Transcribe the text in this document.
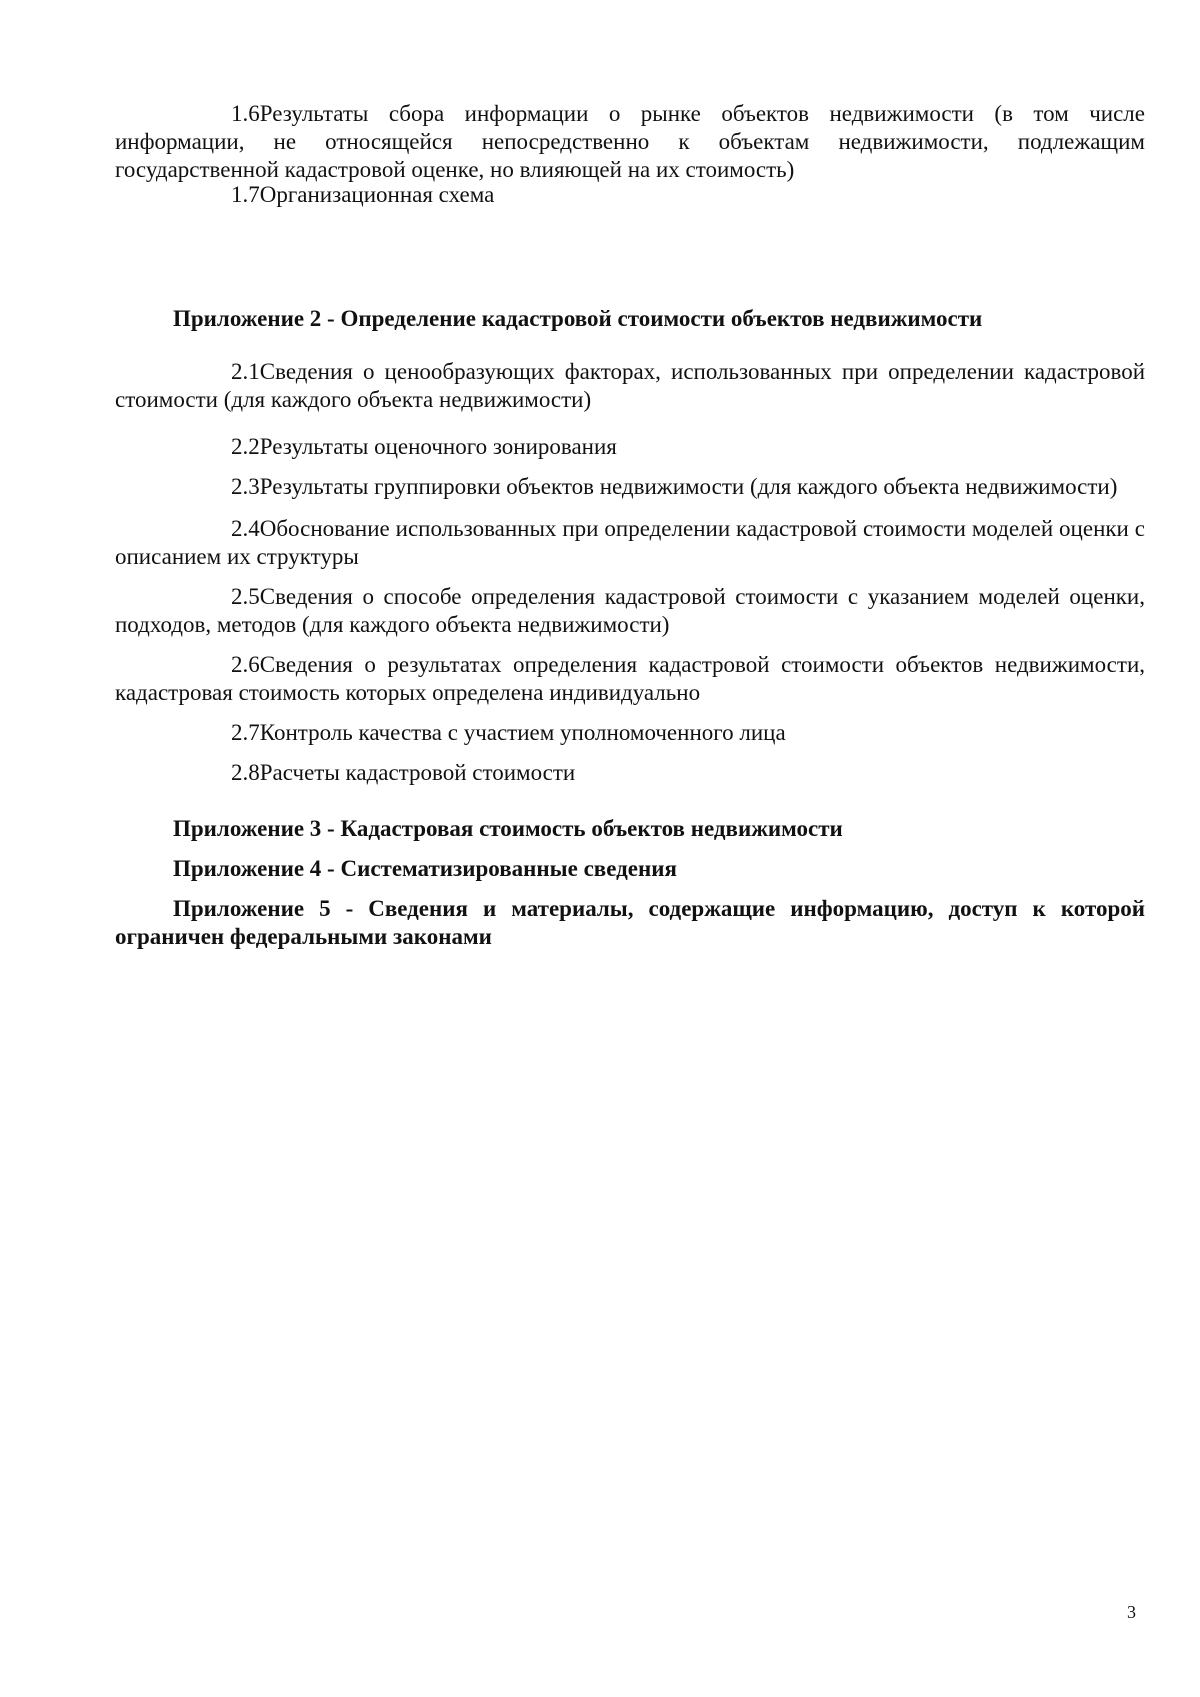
1.6Результаты сбора информации о рынке объектов недвижимости (в том числе информации, не относящейся непосредственно к объектам недвижимости, подлежащим государственной кадастровой оценке, но влияющей на их стоимость)
1.7Организационная схема
Приложение 2 - Определение кадастровой стоимости объектов недвижимости
2.1Сведения о ценообразующих факторах, использованных при определении кадастровой стоимости (для каждого объекта недвижимости)
2.2Результаты оценочного зонирования
2.3Результаты группировки объектов недвижимости (для каждого объекта недвижимости)
2.4Обоснование использованных при определении кадастровой стоимости моделей оценки с описанием их структуры
2.5Сведения о способе определения кадастровой стоимости с указанием моделей оценки, подходов, методов (для каждого объекта недвижимости)
2.6Сведения о результатах определения кадастровой стоимости объектов недвижимости, кадастровая стоимость которых определена индивидуально
2.7Контроль качества с участием уполномоченного лица
2.8Расчеты кадастровой стоимости
Приложение 3 - Кадастровая стоимость объектов недвижимости
Приложение 4 - Систематизированные сведения
Приложение 5 - Сведения и материалы, содержащие информацию, доступ к которой ограничен федеральными законами
3
